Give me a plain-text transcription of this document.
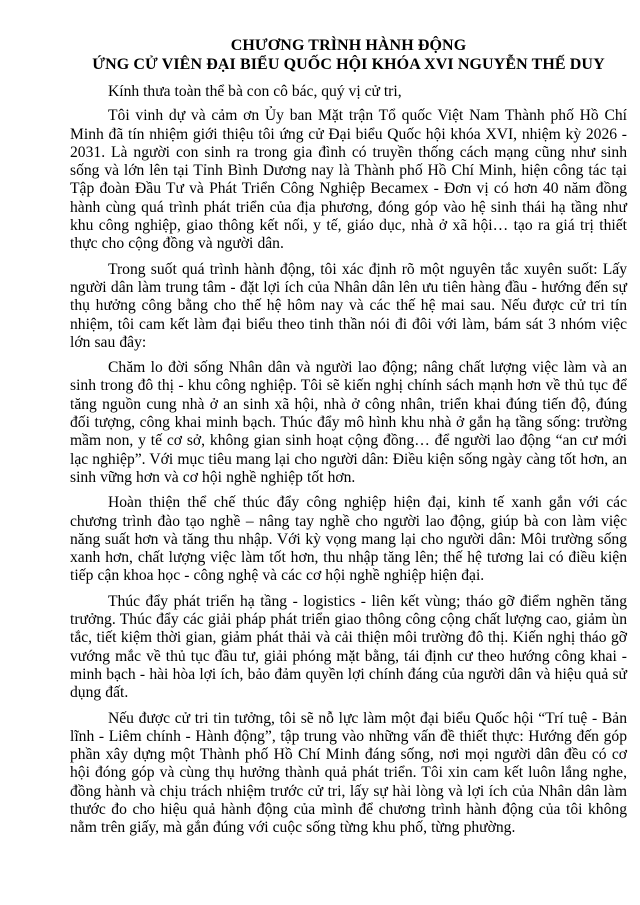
CHƯƠNG TRÌNH HÀNH ĐỘNG
ỨNG CỬ VIÊN ĐẠI BIỂU QUỐC HỘI KHÓA XVI NGUYỄN THẾ DUY

Kính thưa toàn thể bà con cô bác, quý vị cử tri,

Tôi vinh dự và cảm ơn Ủy ban Mặt trận Tổ quốc Việt Nam Thành phố Hồ Chí Minh đã tín nhiệm giới thiệu tôi ứng cử Đại biểu Quốc hội khóa XVI, nhiệm kỳ 2026 - 2031. Là người con sinh ra trong gia đình có truyền thống cách mạng cũng như sinh sống và lớn lên tại Tỉnh Bình Dương nay là Thành phố Hồ Chí Minh, hiện công tác tại Tập đoàn Đầu Tư và Phát Triển Công Nghiệp Becamex - Đơn vị có hơn 40 năm đồng hành cùng quá trình phát triển của địa phương, đóng góp vào hệ sinh thái hạ tầng như khu công nghiệp, giao thông kết nối, y tế, giáo dục, nhà ở xã hội… tạo ra giá trị thiết thực cho cộng đồng và người dân.

Trong suốt quá trình hành động, tôi xác định rõ một nguyên tắc xuyên suốt: Lấy người dân làm trung tâm - đặt lợi ích của Nhân dân lên ưu tiên hàng đầu - hướng đến sự thụ hưởng công bằng cho thế hệ hôm nay và các thế hệ mai sau. Nếu được cử tri tín nhiệm, tôi cam kết làm đại biểu theo tinh thần nói đi đôi với làm, bám sát 3 nhóm việc lớn sau đây:

Chăm lo đời sống Nhân dân và người lao động; nâng chất lượng việc làm và an sinh trong đô thị - khu công nghiệp. Tôi sẽ kiến nghị chính sách mạnh hơn về thủ tục để tăng nguồn cung nhà ở an sinh xã hội, nhà ở công nhân, triển khai đúng tiến độ, đúng đối tượng, công khai minh bạch. Thúc đẩy mô hình khu nhà ở gắn hạ tầng sống: trường mầm non, y tế cơ sở, không gian sinh hoạt cộng đồng… để người lao động “an cư mới lạc nghiệp”. Với mục tiêu mang lại cho người dân: Điều kiện sống ngày càng tốt hơn, an sinh vững hơn và cơ hội nghề nghiệp tốt hơn.

Hoàn thiện thể chế thúc đẩy công nghiệp hiện đại, kinh tế xanh gắn với các chương trình đào tạo nghề – nâng tay nghề cho người lao động, giúp bà con làm việc năng suất hơn và tăng thu nhập. Với kỳ vọng mang lại cho người dân: Môi trường sống xanh hơn, chất lượng việc làm tốt hơn, thu nhập tăng lên; thế hệ tương lai có điều kiện tiếp cận khoa học - công nghệ và các cơ hội nghề nghiệp hiện đại.

Thúc đẩy phát triển hạ tầng - logistics - liên kết vùng; tháo gỡ điểm nghẽn tăng trưởng. Thúc đẩy các giải pháp phát triển giao thông công cộng chất lượng cao, giảm ùn tắc, tiết kiệm thời gian, giảm phát thải và cải thiện môi trường đô thị. Kiến nghị tháo gỡ vướng mắc về thủ tục đầu tư, giải phóng mặt bằng, tái định cư theo hướng công khai - minh bạch - hài hòa lợi ích, bảo đảm quyền lợi chính đáng của người dân và hiệu quả sử dụng đất.

Nếu được cử tri tin tưởng, tôi sẽ nỗ lực làm một đại biểu Quốc hội “Trí tuệ - Bản lĩnh - Liêm chính - Hành động”, tập trung vào những vấn đề thiết thực: Hướng đến góp phần xây dựng một Thành phố Hồ Chí Minh đáng sống, nơi mọi người dân đều có cơ hội đóng góp và cùng thụ hưởng thành quả phát triển. Tôi xin cam kết luôn lắng nghe, đồng hành và chịu trách nhiệm trước cử tri, lấy sự hài lòng và lợi ích của Nhân dân làm thước đo cho hiệu quả hành động của mình để chương trình hành động của tôi không nằm trên giấy, mà gắn đúng với cuộc sống từng khu phố, từng phường.
